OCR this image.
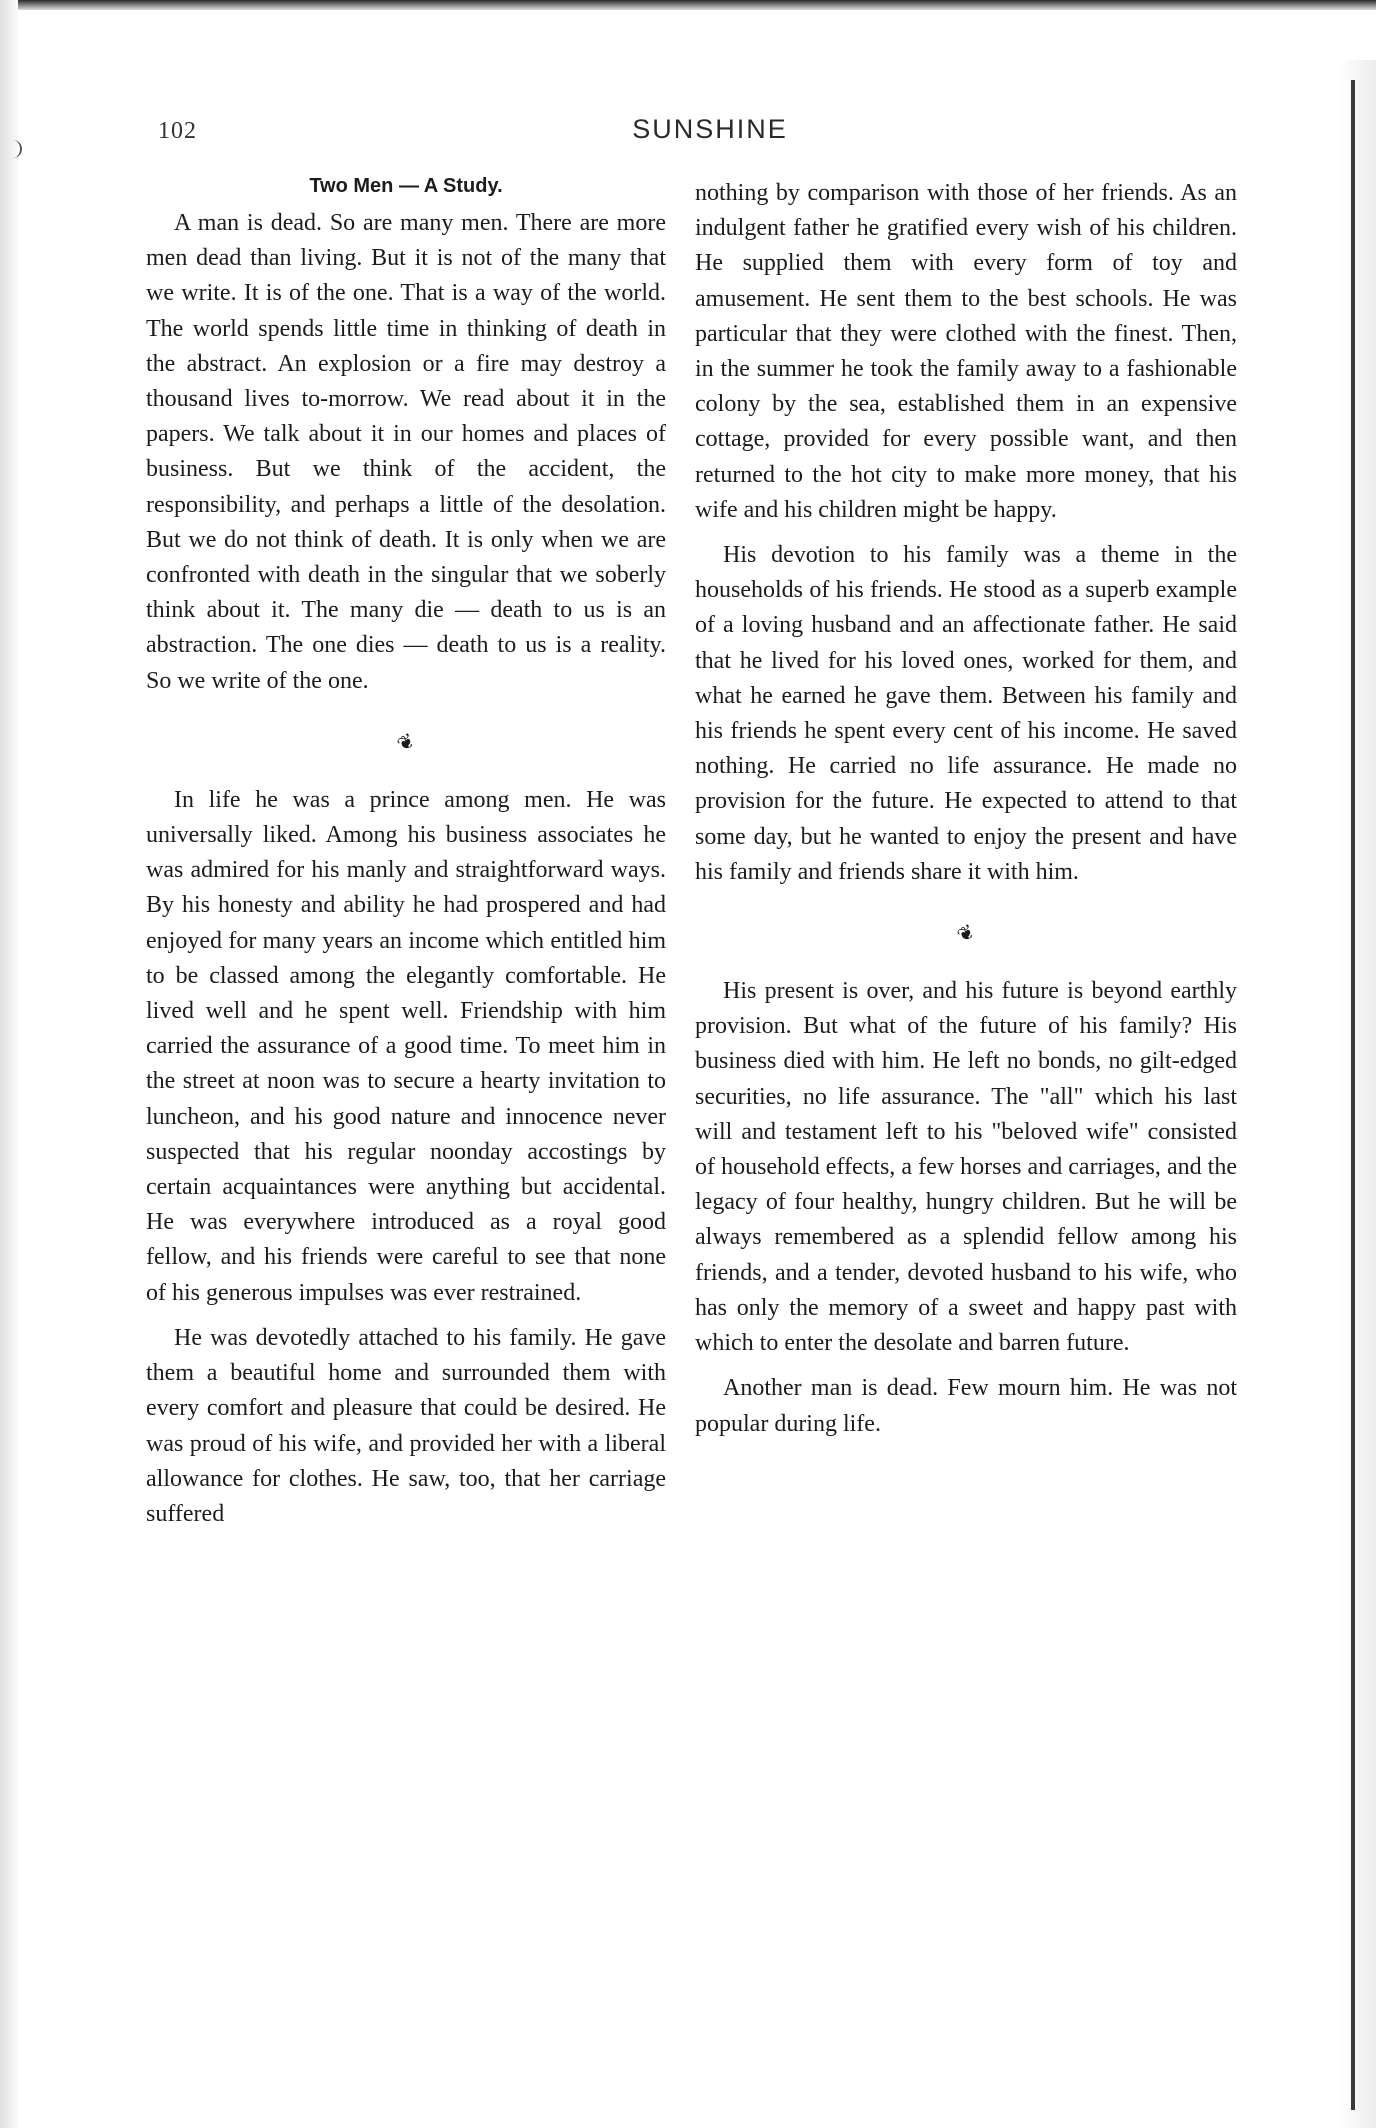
102	SUNSHINE
Two Men — A Study.

A man is dead. So are many men. There are more men dead than living. But it is not of the many that we write. It is of the one. That is a way of the world. The world spends little time in thinking of death in the abstract. An explosion or a fire may destroy a thousand lives to-morrow. We read about it in the papers. We talk about it in our homes and places of business. But we think of the accident, the responsibility, and perhaps a little of the desolation. But we do not think of death. It is only when we are confronted with death in the singular that we soberly think about it. The many die — death to us is an abstraction. The one dies — death to us is a reality. So we write of the one.

❦

In life he was a prince among men. He was universally liked. Among his business associates he was admired for his manly and straightforward ways. By his honesty and ability he had prospered and had enjoyed for many years an income which entitled him to be classed among the elegantly comfortable. He lived well and he spent well. Friendship with him carried the assurance of a good time. To meet him in the street at noon was to secure a hearty invitation to luncheon, and his good nature and innocence never suspected that his regular noonday accostings by certain acquaintances were anything but accidental. He was everywhere introduced as a royal good fellow, and his friends were careful to see that none of his generous impulses was ever restrained.

He was devotedly attached to his family. He gave them a beautiful home and surrounded them with every comfort and pleasure that could be desired. He was proud of his wife, and provided her with a liberal allowance for clothes. He saw, too, that her carriage suffered

nothing by comparison with those of her friends. As an indulgent father he gratified every wish of his children. He supplied them with every form of toy and amusement. He sent them to the best schools. He was particular that they were clothed with the finest. Then, in the summer he took the family away to a fashionable colony by the sea, established them in an expensive cottage, provided for every possible want, and then returned to the hot city to make more money, that his wife and his children might be happy.

His devotion to his family was a theme in the households of his friends. He stood as a superb example of a loving husband and an affectionate father. He said that he lived for his loved ones, worked for them, and what he earned he gave them. Between his family and his friends he spent every cent of his income. He saved nothing. He carried no life assurance. He made no provision for the future. He expected to attend to that some day, but he wanted to enjoy the present and have his family and friends share it with him.

❦

His present is over, and his future is beyond earthly provision. But what of the future of his family? His business died with him. He left no bonds, no gilt-edged securities, no life assurance. The "all" which his last will and testament left to his "beloved wife" consisted of household effects, a few horses and carriages, and the legacy of four healthy, hungry children. But he will be always remembered as a splendid fellow among his friends, and a tender, devoted husband to his wife, who has only the memory of a sweet and happy past with which to enter the desolate and barren future.

Another man is dead. Few mourn him. He was not popular during life.
